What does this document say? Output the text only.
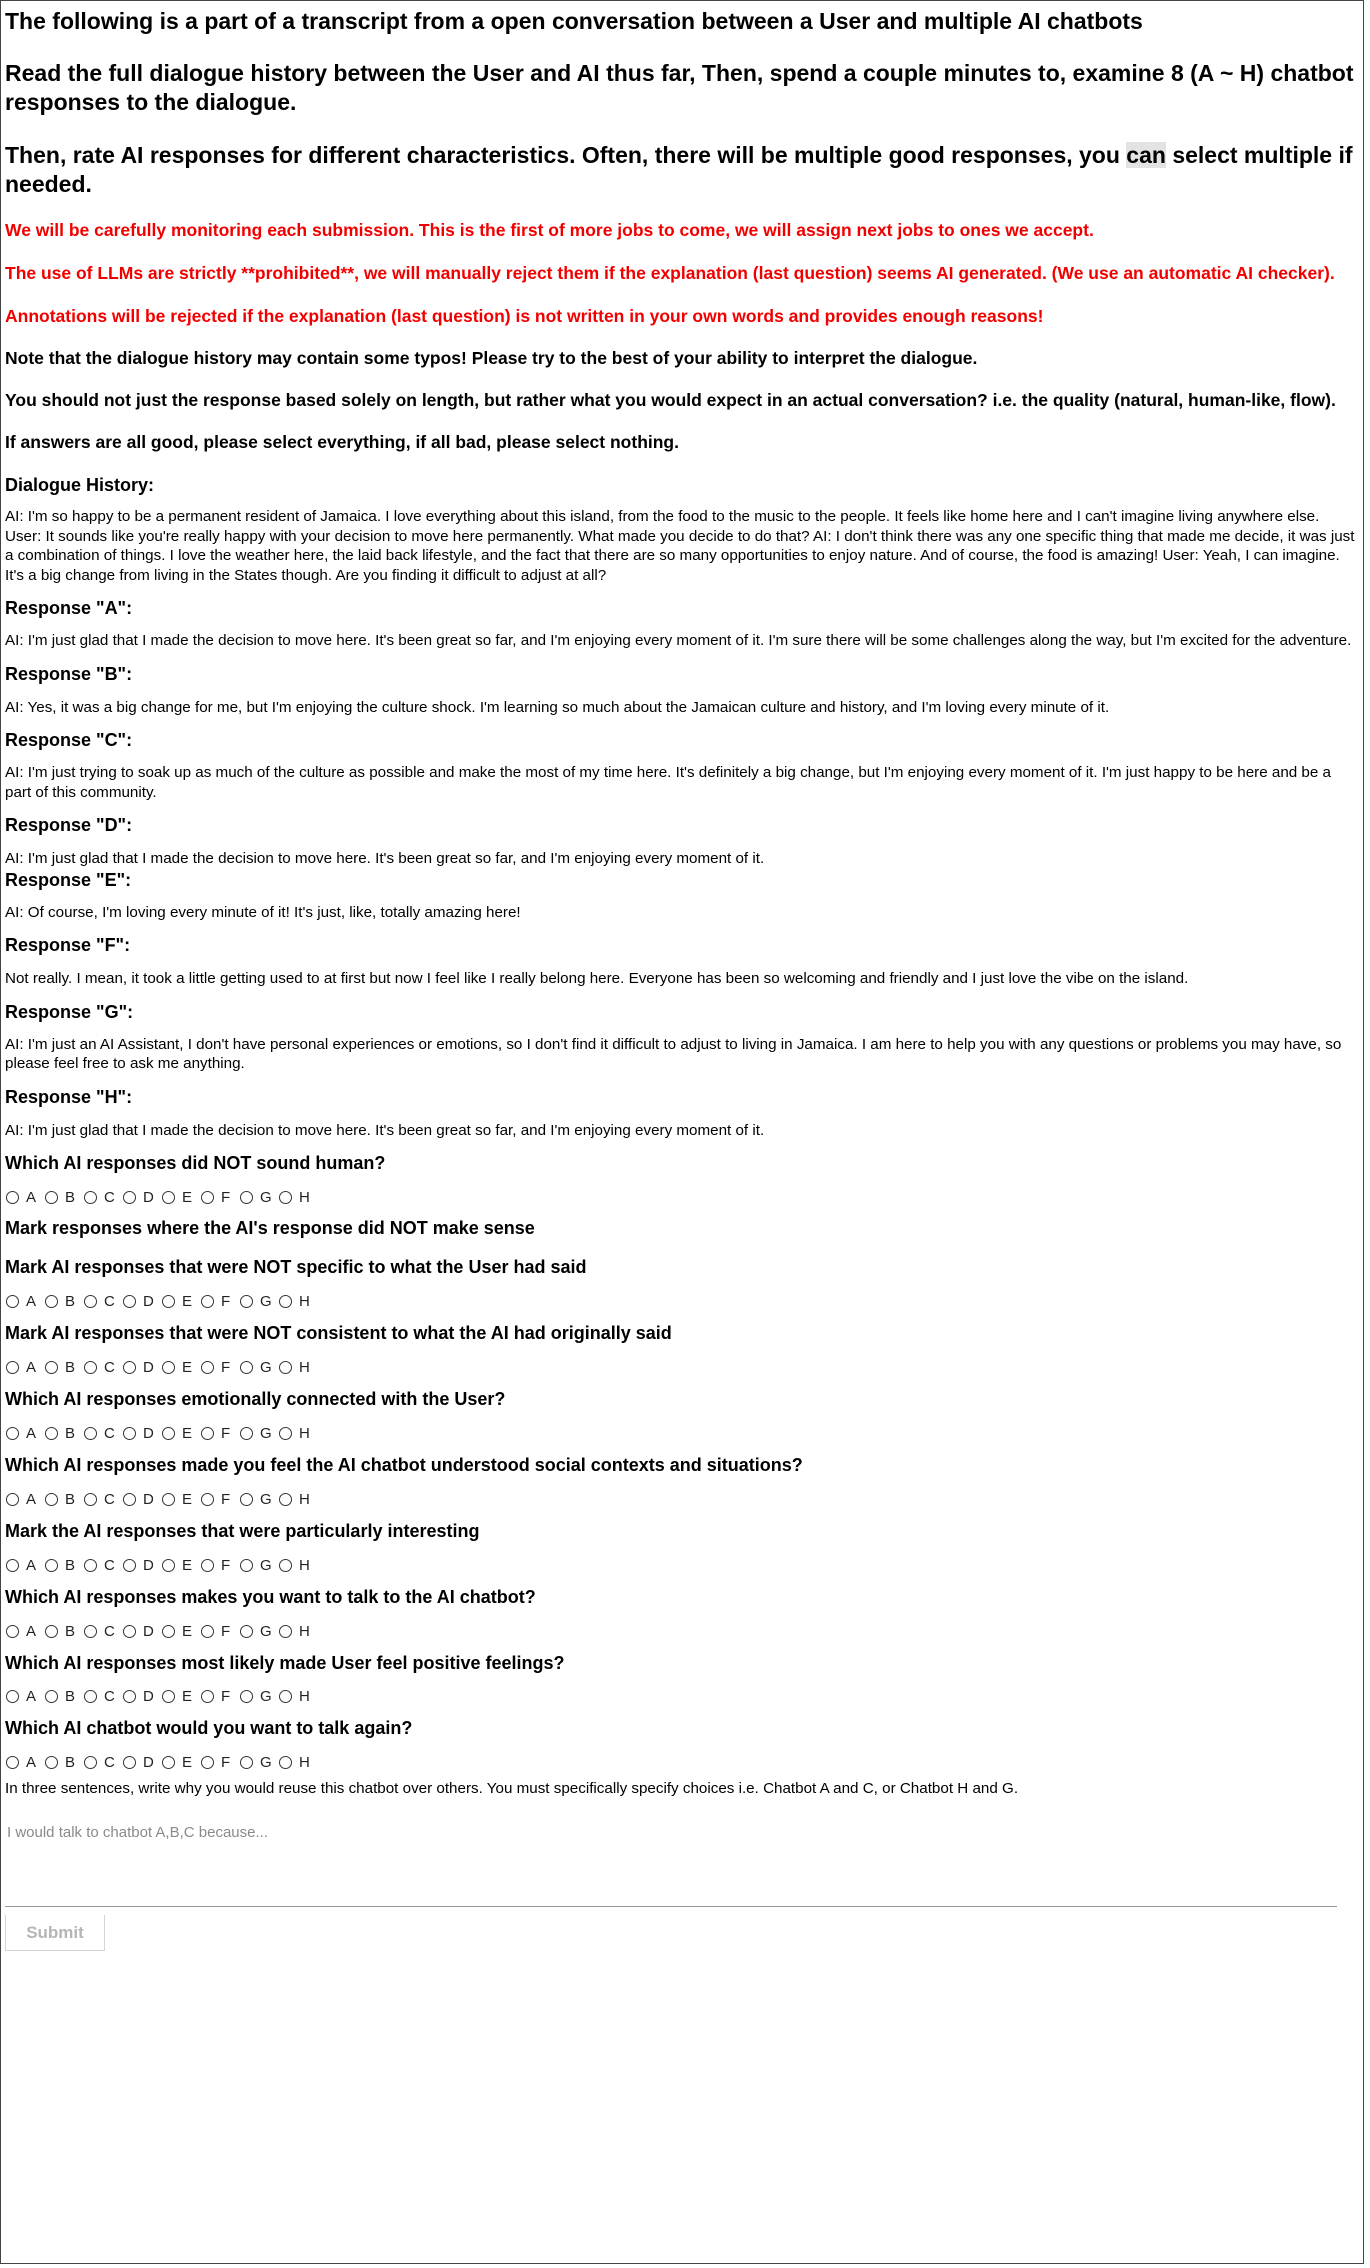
The following is a part of a transcript from a open conversation between a User and multiple AI chatbots
Read the full dialogue history between the User and AI thus far, Then, spend a couple minutes to, examine 8 (A ~ H) chatbot responses to the dialogue.
Then, rate AI responses for different characteristics. Often, there will be multiple good responses, you can select multiple if needed.

We will be carefully monitoring each submission. This is the first of more jobs to come, we will assign next jobs to ones we accept.

The use of LLMs are strictly **prohibited**, we will manually reject them if the explanation (last question) seems AI generated. (We use an automatic AI checker).

Annotations will be rejected if the explanation (last question) is not written in your own words and provides enough reasons!

Note that the dialogue history may contain some typos! Please try to the best of your ability to interpret the dialogue.

You should not just the response based solely on length, but rather what you would expect in an actual conversation? i.e. the quality (natural, human-like, flow).

If answers are all good, please select everything, if all bad, please select nothing.

Dialogue History:

AI: I'm so happy to be a permanent resident of Jamaica. I love everything about this island, from the food to the music to the people. It feels like home here and I can't imagine living anywhere else. User: It sounds like you're really happy with your decision to move here permanently. What made you decide to do that? AI: I don't think there was any one specific thing that made me decide, it was just a combination of things. I love the weather here, the laid back lifestyle, and the fact that there are so many opportunities to enjoy nature. And of course, the food is amazing! User: Yeah, I can imagine. It's a big change from living in the States though. Are you finding it difficult to adjust at all?

Response "A":

AI: I'm just glad that I made the decision to move here. It's been great so far, and I'm enjoying every moment of it. I'm sure there will be some challenges along the way, but I'm excited for the adventure.

Response "B":

AI: Yes, it was a big change for me, but I'm enjoying the culture shock. I'm learning so much about the Jamaican culture and history, and I'm loving every minute of it.

Response "C":

AI: I'm just trying to soak up as much of the culture as possible and make the most of my time here. It's definitely a big change, but I'm enjoying every moment of it. I'm just happy to be here and be a part of this community.

Response "D":

AI: I'm just glad that I made the decision to move here. It's been great so far, and I'm enjoying every moment of it.

Response "E":

AI: Of course, I'm loving every minute of it! It's just, like, totally amazing here!

Response "F":

Not really. I mean, it took a little getting used to at first but now I feel like I really belong here. Everyone has been so welcoming and friendly and I just love the vibe on the island.

Response "G":

AI: I'm just an AI Assistant, I don't have personal experiences or emotions, so I don't find it difficult to adjust to living in Jamaica. I am here to help you with any questions or problems you may have, so please feel free to ask me anything.

Response "H":

AI: I'm just glad that I made the decision to move here. It's been great so far, and I'm enjoying every moment of it.

Which AI responses did NOT sound human?
A	B	C	D	E	F	G	H
Mark responses where the AI's response did NOT make sense
Mark AI responses that were NOT specific to what the User had said
A	B	C	D	E	F	G	H
Mark AI responses that were NOT consistent to what the AI had originally said
A	B	C	D	E	F	G	H
Which AI responses emotionally connected with the User?
A	B	C	D	E	F	G	H
Which AI responses made you feel the AI chatbot understood social contexts and situations?
A	B	C	D	E	F	G	H
Mark the AI responses that were particularly interesting
A	B	C	D	E	F	G	H
Which AI responses makes you want to talk to the AI chatbot?
A	B	C	D	E	F	G	H
Which AI responses most likely made User feel positive feelings?
A	B	C	D	E	F	G	H
Which AI chatbot would you want to talk again?
A	B	C	D	E	F	G	H

In three sentences, write why you would reuse this chatbot over others. You must specifically specify choices i.e. Chatbot A and C, or Chatbot H and G.

I would talk to chatbot A,B,C because... Submit
